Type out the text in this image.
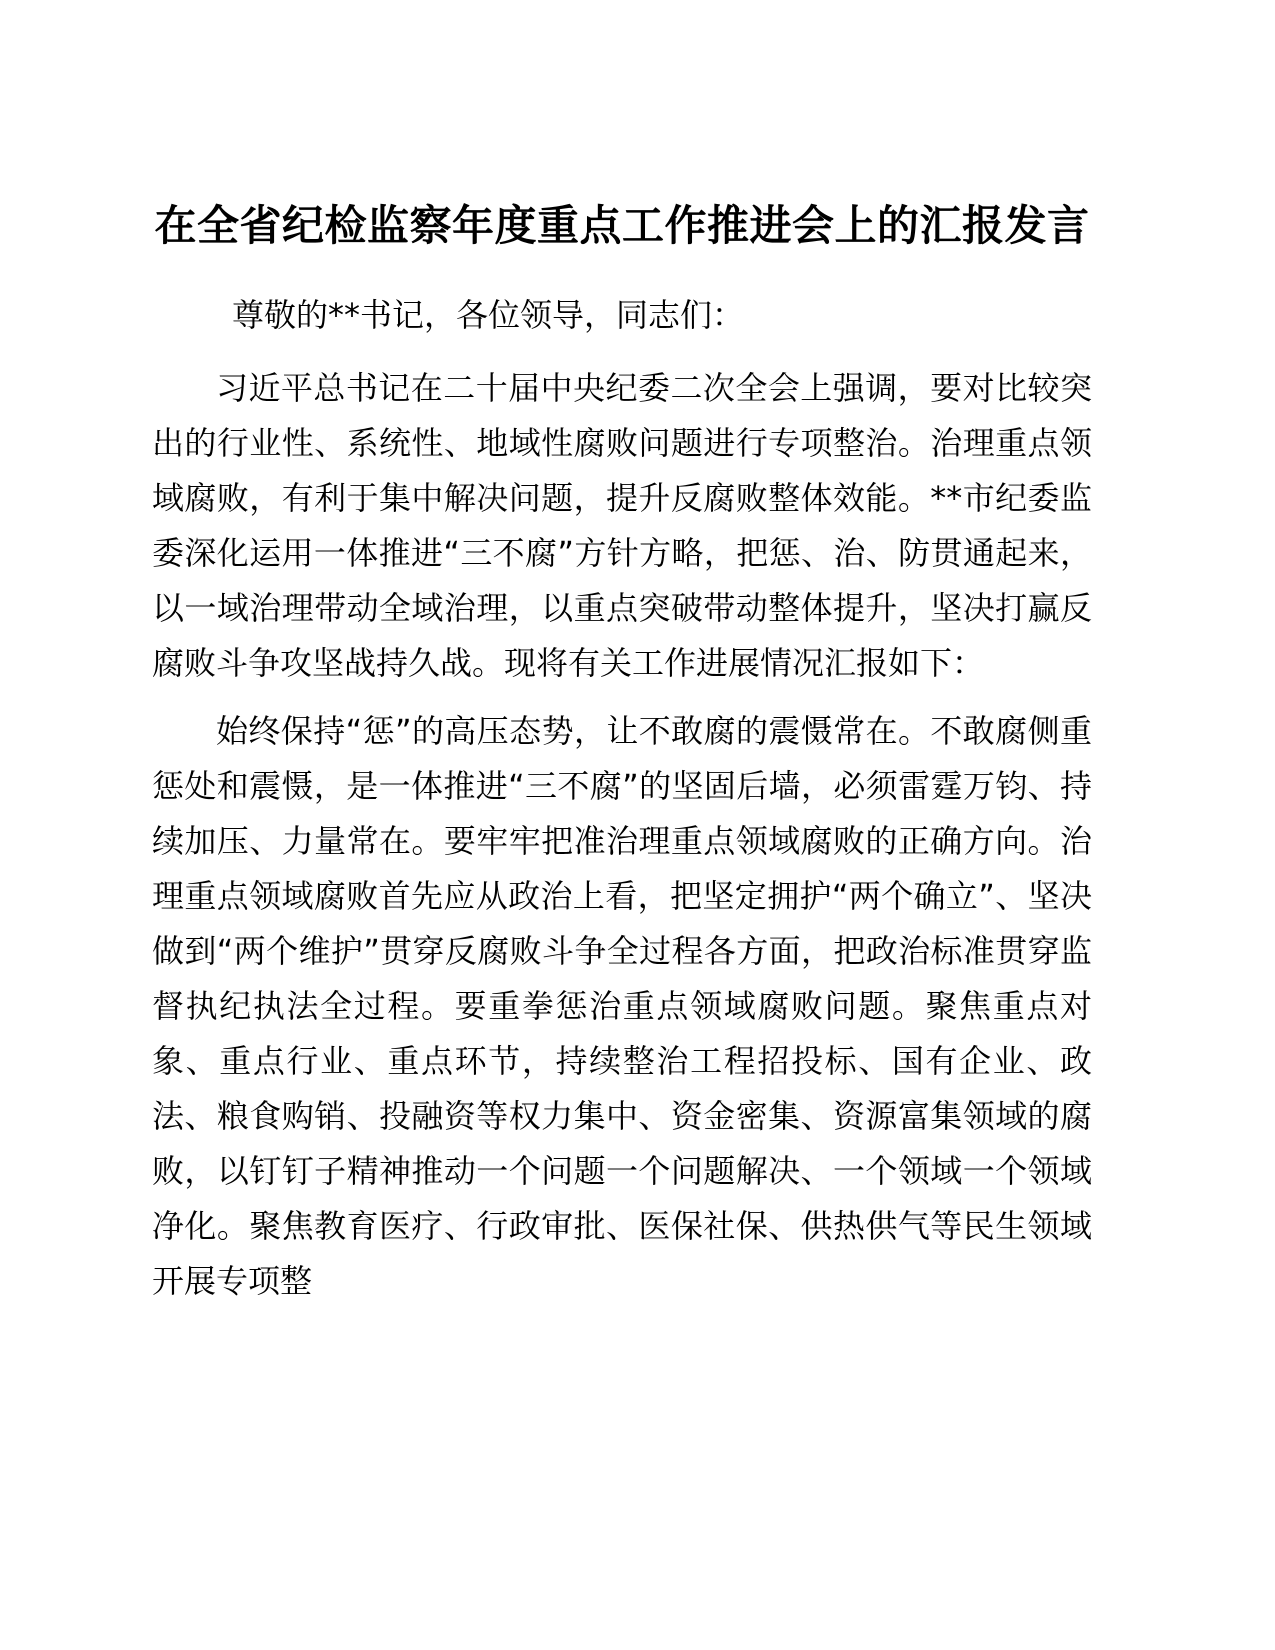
在全省纪检监察年度重点工作推进会上的汇报发言

尊敬的**书记，各位领导，同志们：

习近平总书记在二十届中央纪委二次全会上强调，要对比较突出的行业性、系统性、地域性腐败问题进行专项整治。治理重点领域腐败，有利于集中解决问题，提升反腐败整体效能。**市纪委监委深化运用一体推进“三不腐”方针方略，把惩、治、防贯通起来，以一域治理带动全域治理，以重点突破带动整体提升，坚决打赢反腐败斗争攻坚战持久战。现将有关工作进展情况汇报如下：

始终保持“惩”的高压态势，让不敢腐的震慑常在。不敢腐侧重惩处和震慑，是一体推进“三不腐”的坚固后墙，必须雷霆万钧、持续加压、力量常在。要牢牢把准治理重点领域腐败的正确方向。治理重点领域腐败首先应从政治上看，把坚定拥护“两个确立”、坚决做到“两个维护”贯穿反腐败斗争全过程各方面，把政治标准贯穿监督执纪执法全过程。要重拳惩治重点领域腐败问题。聚焦重点对象、重点行业、重点环节，持续整治工程招投标、国有企业、政法、粮食购销、投融资等权力集中、资金密集、资源富集领域的腐败，以钉钉子精神推动一个问题一个问题解决、一个领域一个领域净化。聚焦教育医疗、行政审批、医保社保、供热供气等民生领域开展专项整
